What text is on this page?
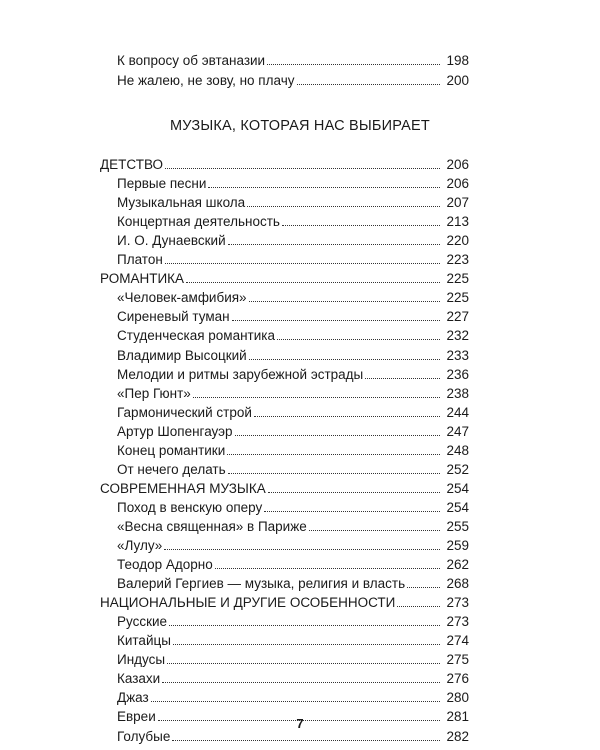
К вопросу об эвтаназии	198
Не жалею, не зову, но плачу	200
МУЗЫКА, КОТОРАЯ НАС ВЫБИРАЕТ
ДЕТСТВО	206
Первые песни	206
Музыкальная школа	207
Концертная деятельность	213
И. О. Дунаевский	220
Платон	223
РОМАНТИКА	225
«Человек-амфибия»	225
Сиреневый туман	227
Студенческая романтика	232
Владимир Высоцкий	233
Мелодии и ритмы зарубежной эстрады	236
«Пер Гюнт»	238
Гармонический строй	244
Артур Шопенгауэр	247
Конец романтики	248
От нечего делать	252
СОВРЕМЕННАЯ МУЗЫКА	254
Поход в венскую оперу	254
«Весна священная» в Париже	255
«Лулу»	259
Теодор Адорно	262
Валерий Гергиев — музыка, религия и власть	268
НАЦИОНАЛЬНЫЕ И ДРУГИЕ ОСОБЕННОСТИ	273
Русские	273
Китайцы	274
Индусы	275
Казахи	276
Джаз	280
Евреи	281
Голубые	282
7
